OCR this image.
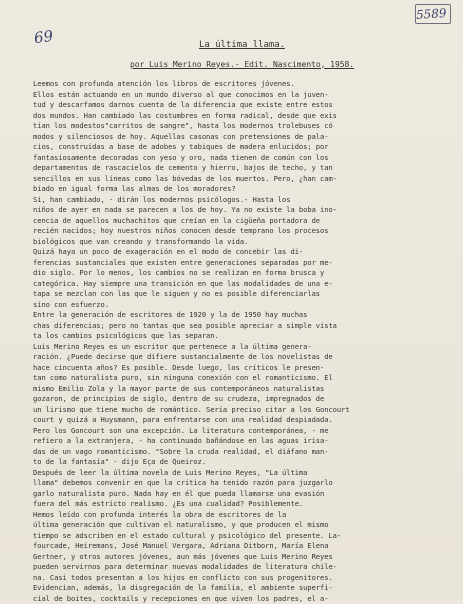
5589
69	La última llama.
por Luis Merino Reyes.- Edit. Nascimento, 1958.
Leemos con profunda atención los libros de escritores jóvenes.
Ellos están actuando en un mundo diverso al que conocimos en la juven-
tud y descarfamos darnos cuenta de la diferencia que existe entre estos
dos mundos. Han cambiado las costumbres en forma radical, desde que exis
tían los modestos"carritos de sangre", hasta los modernos trolebuses có
modos y silenciosos de hoy. Aquellas casonas con pretensiones de pala-
cios, construídas a base de adobes y tabiques de madera enlucidos; por
fantasiosamente decoradas con yeso y oro, nada tienen de común con los
departamentos de rascacielos de cemento y hierro, bajos de techo, y tan
sencillos en sus líneas como las bóvedas de los muertos. Pero, ¿han cam-
biado en igual forma las almas de los moradores?
Sí, han cambiado, - dirán los modernos psicólogos.- Hasta los
niños de ayer en nada se parecen a los de hoy. Ya no existe la boba ino-
cencia de aquellos muchachitos que creían en la cigüeña portadora de
recién nacidos; hoy nuestros niños conocen desde temprano los procesos
biológicos que van creando y transformando la vida.
Quizá haya un poco de exageración en el modo de concebir las di-
ferencias sustanciales que existen entre generaciones separadas por me-
dio siglo. Por lo menos, los cambios no se realizan en forma brusca y
categórica. Hay siempre una transición en que las modalidades de una e-
tapa se mezclan con las que le siguen y no es posible diferenciarlas
sino con esfuerzo.
Entre la generación de escritores de 1920 y la de 1950 hay muchas
chas diferencias; pero no tantas que sea posible apreciar a simple vista
ta los cambios psicológicos que las separan.
Luis Merino Reyes es un escritor que pertenece a la última genera-
ración. ¿Puede decirse que difiere sustancialmente de los novelistas de
hace cincuenta años? Es posible. Desde luego, los críticos le presen-
tan como naturalista puro, sin ninguna conexión con el romanticismo. El
mismo Emilio Zola y la mayor parte de sus contemporáneos naturalistas
gozaron, de principios de siglo, dentro de su crudeza, impregnados de
un lirismo que tiene mucho de romántico. Sería preciso citar a los Goncourt
court y quizá a Huysmann, para enfrentarse con una realidad despiadada.
Pero los Goncourt son una excepción. La literatura contemporánea, - me
refiero a la extranjera, - ha continuado bañándose en las aguas irisa-
das de un vago romanticismo. "Sobre la cruda realidad, el diáfano man-
to de la fantasía" - dijo Eça de Queiroz.
Después de leer la última novela de Luis Merino Reyes, "La última
llama" debemos convenir en que la crítica ha tenido razón para juzgarlo
garlo naturalista puro. Nada hay en él que pueda llamarse una evasión
fuera del más estricto realismo. ¿Es una cualidad? Posiblemente.
Hemos leído con profunda interés la obra de escritores de la
última generación que cultivan el naturalismo, y que producen el mismo
tiempo se adscriben en el estado cultural y psicológico del presente. La-
fourcade, Heiremans, José Manuel Vergara, Adriana Ditborn, María Elena
Gertner, y otros autores jóvenes, aun más jóvenes que Luis Merino Reyes
pueden servirnos para determinar nuevas modalidades de literatura chile-
na. Casi todos presentan a los hijos en conflicto con sus progenitores.
Evidencian, además, la disgregación de la familia, el ambiente superfi-
cial de boites, cocktails y recepciones en que viven los padres, el a-
